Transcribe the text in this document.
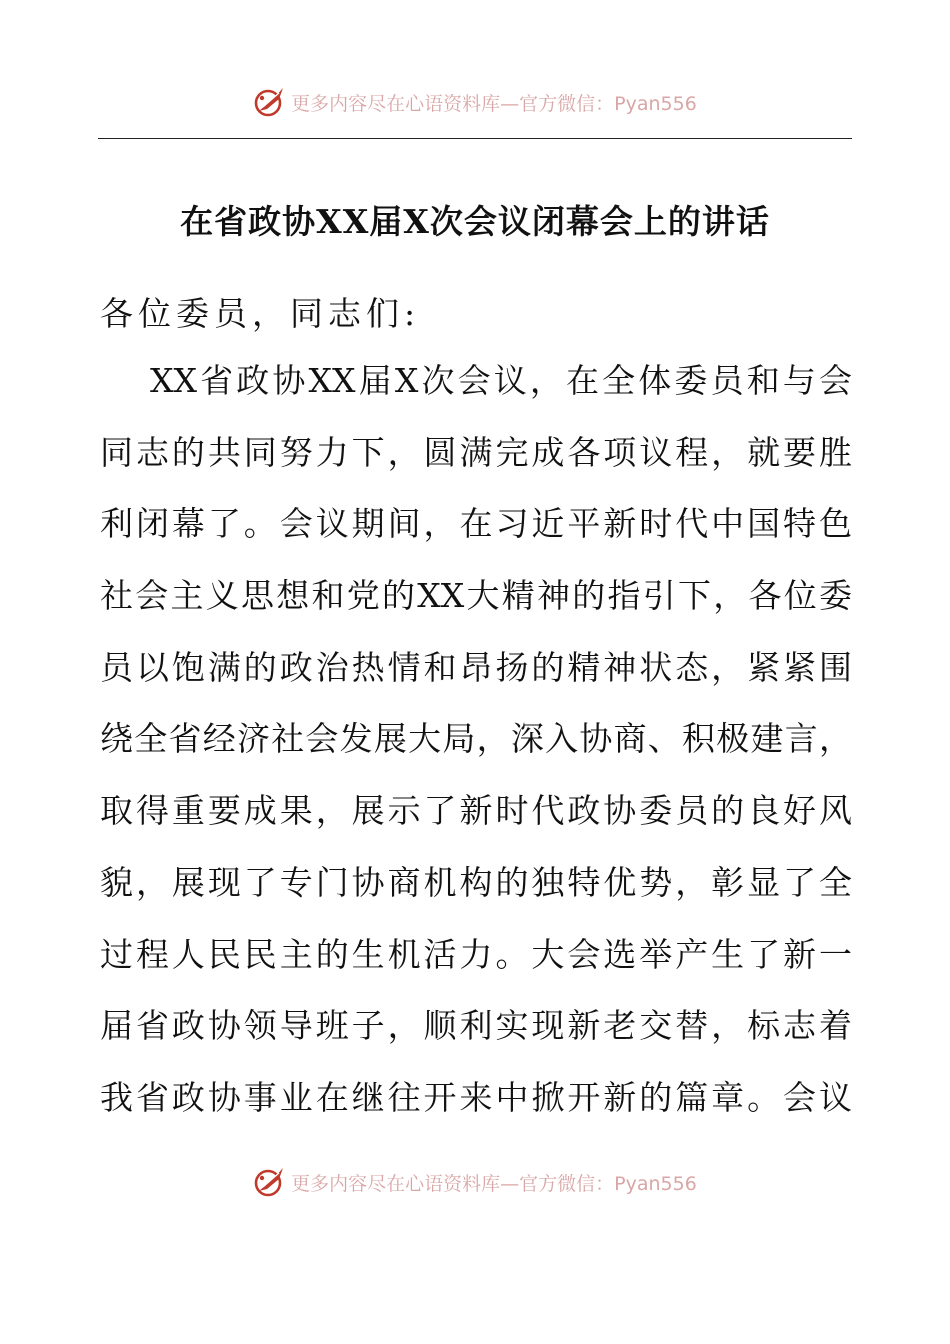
更多内容尽在心语资料库—官方微信：Pyan556
在省政协XX届X次会议闭幕会上的讲话
各位委员，同志们:
XX省政协XX届X次会议，在全体委员和与会
同志的共同努力下，圆满完成各项议程，就要胜
利闭幕了。会议期间，在习近平新时代中国特色
社会主义思想和党的XX大精神的指引下，各位委
员以饱满的政治热情和昂扬的精神状态，紧紧围
绕全省经济社会发展大局，深入协商、积极建言，
取得重要成果，展示了新时代政协委员的良好风
貌，展现了专门协商机构的独特优势，彰显了全
过程人民民主的生机活力。大会选举产生了新一
届省政协领导班子，顺利实现新老交替，标志着
我省政协事业在继往开来中掀开新的篇章。会议
更多内容尽在心语资料库—官方微信：Pyan556
